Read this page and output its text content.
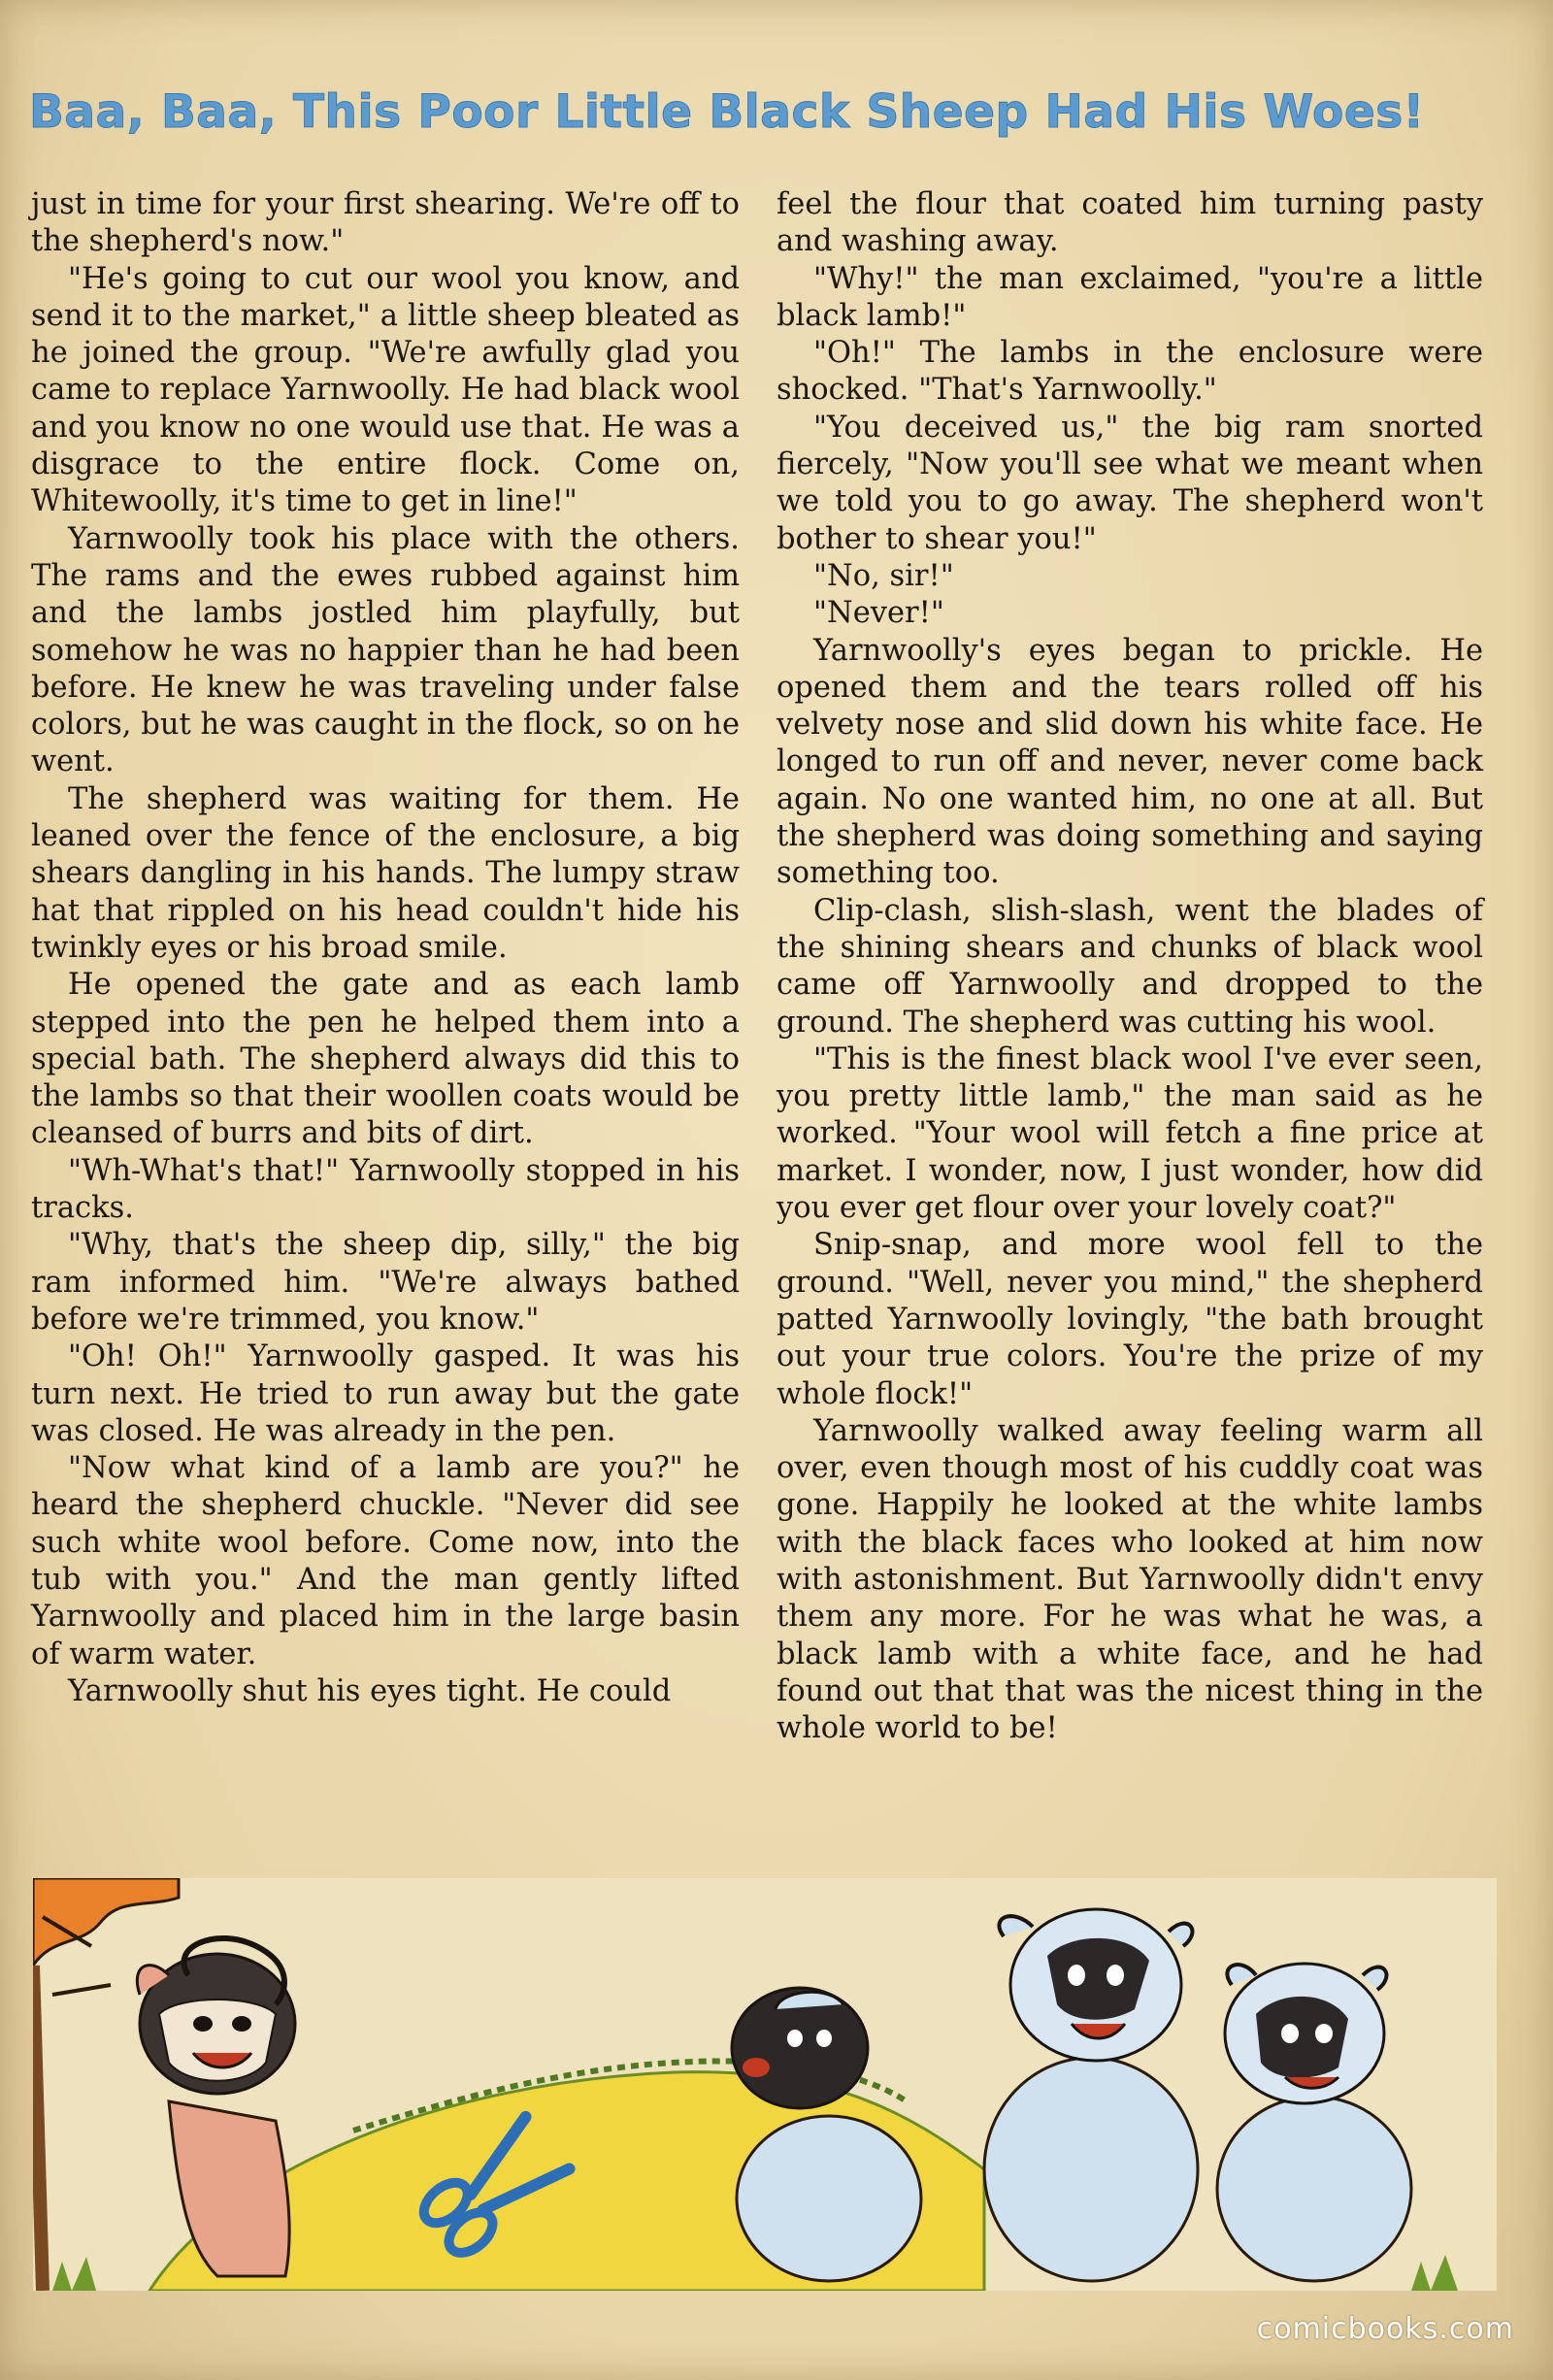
Baa, Baa, This Poor Little Black Sheep Had His Woes!

just in time for your first shearing. We're off to the shepherd's now."

"He's going to cut our wool you know, and send it to the market," a little sheep bleated as he joined the group. "We're awfully glad you came to replace Yarnwoolly. He had black wool and you know no one would use that. He was a disgrace to the entire flock. Come on, Whitewoolly, it's time to get in line!"

Yarnwoolly took his place with the others. The rams and the ewes rubbed against him and the lambs jostled him playfully, but somehow he was no happier than he had been before. He knew he was traveling under false colors, but he was caught in the flock, so on he went.

The shepherd was waiting for them. He leaned over the fence of the enclosure, a big shears dangling in his hands. The lumpy straw hat that rippled on his head couldn't hide his twinkly eyes or his broad smile.

He opened the gate and as each lamb stepped into the pen he helped them into a special bath. The shepherd always did this to the lambs so that their woollen coats would be cleansed of burrs and bits of dirt.

"Wh-What's that!" Yarnwoolly stopped in his tracks.

"Why, that's the sheep dip, silly," the big ram informed him. "We're always bathed before we're trimmed, you know."

"Oh! Oh!" Yarnwoolly gasped. It was his turn next. He tried to run away but the gate was closed. He was already in the pen.

"Now what kind of a lamb are you?" he heard the shepherd chuckle. "Never did see such white wool before. Come now, into the tub with you." And the man gently lifted Yarnwoolly and placed him in the large basin of warm water.

Yarnwoolly shut his eyes tight. He could

feel the flour that coated him turning pasty and washing away.

"Why!" the man exclaimed, "you're a little black lamb!"

"Oh!" The lambs in the enclosure were shocked. "That's Yarnwoolly."

"You deceived us," the big ram snorted fiercely, "Now you'll see what we meant when we told you to go away. The shepherd won't bother to shear you!"

"No, sir!"

"Never!"

Yarnwoolly's eyes began to prickle. He opened them and the tears rolled off his velvety nose and slid down his white face. He longed to run off and never, never come back again. No one wanted him, no one at all. But the shepherd was doing something and saying something too.

Clip-clash, slish-slash, went the blades of the shining shears and chunks of black wool came off Yarnwoolly and dropped to the ground. The shepherd was cutting his wool.

"This is the finest black wool I've ever seen, you pretty little lamb," the man said as he worked. "Your wool will fetch a fine price at market. I wonder, now, I just wonder, how did you ever get flour over your lovely coat?"

Snip-snap, and more wool fell to the ground. "Well, never you mind," the shepherd patted Yarnwoolly lovingly, "the bath brought out your true colors. You're the prize of my whole flock!"

Yarnwoolly walked away feeling warm all over, even though most of his cuddly coat was gone. Happily he looked at the white lambs with the black faces who looked at him now with astonishment. But Yarnwoolly didn't envy them any more. For he was what he was, a black lamb with a white face, and he had found out that that was the nicest thing in the whole world to be!

comicbooks.com
